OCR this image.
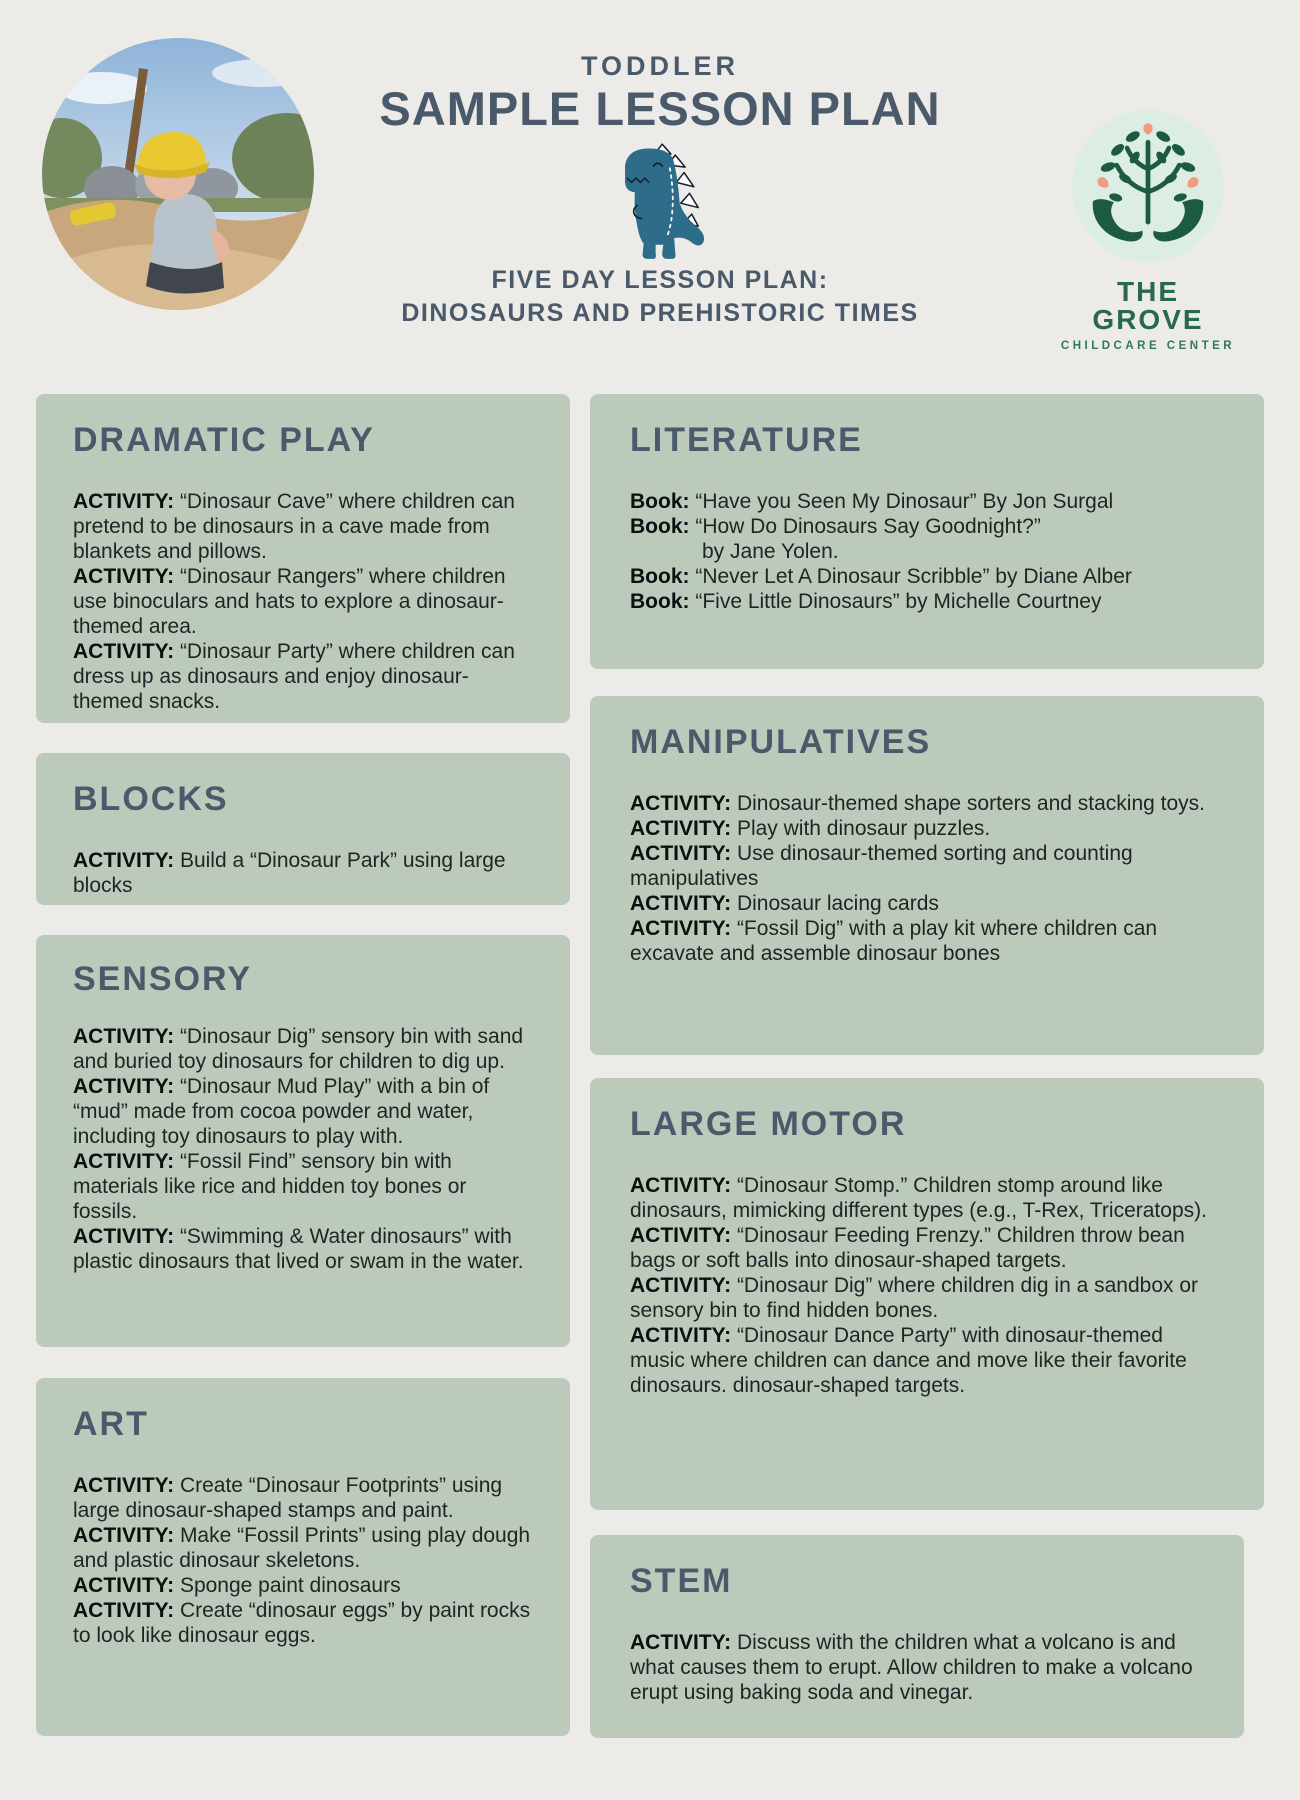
TODDLER
SAMPLE LESSON PLAN
FIVE DAY LESSON PLAN:
DINOSAURS AND PREHISTORIC TIMES
THE GROVE
CHILDCARE CENTER
DRAMATIC PLAY
ACTIVITY: “Dinosaur Cave” where children can pretend to be dinosaurs in a cave made from blankets and pillows.
ACTIVITY: “Dinosaur Rangers” where children use binoculars and hats to explore a dinosaur-themed area.
ACTIVITY: “Dinosaur Party” where children can dress up as dinosaurs and enjoy dinosaur-themed snacks.
BLOCKS
ACTIVITY: Build a “Dinosaur Park” using large blocks
SENSORY
ACTIVITY: “Dinosaur Dig” sensory bin with sand and buried toy dinosaurs for children to dig up.
ACTIVITY: “Dinosaur Mud Play” with a bin of “mud” made from cocoa powder and water, including toy dinosaurs to play with.
ACTIVITY: “Fossil Find” sensory bin with materials like rice and hidden toy bones or fossils.
ACTIVITY: “Swimming & Water dinosaurs” with plastic dinosaurs that lived or swam in the water.
ART
ACTIVITY: Create “Dinosaur Footprints” using large dinosaur-shaped stamps and paint.
ACTIVITY: Make “Fossil Prints” using play dough and plastic dinosaur skeletons.
ACTIVITY: Sponge paint dinosaurs
ACTIVITY: Create “dinosaur eggs” by paint rocks to look like dinosaur eggs.
LITERATURE
Book: “Have you Seen My Dinosaur” By Jon Surgal
Book: “How Do Dinosaurs Say Goodnight?”
by Jane Yolen.
Book: “Never Let A Dinosaur Scribble” by Diane Alber
Book: “Five Little Dinosaurs” by Michelle Courtney
MANIPULATIVES
ACTIVITY: Dinosaur-themed shape sorters and stacking toys.
ACTIVITY: Play with dinosaur puzzles.
ACTIVITY: Use dinosaur-themed sorting and counting manipulatives
ACTIVITY: Dinosaur lacing cards
ACTIVITY: “Fossil Dig” with a play kit where children can excavate and assemble dinosaur bones
LARGE MOTOR
ACTIVITY: “Dinosaur Stomp.” Children stomp around like dinosaurs, mimicking different types (e.g., T-Rex, Triceratops).
ACTIVITY: “Dinosaur Feeding Frenzy.” Children throw bean bags or soft balls into dinosaur-shaped targets.
ACTIVITY: “Dinosaur Dig” where children dig in a sandbox or sensory bin to find hidden bones.
ACTIVITY: “Dinosaur Dance Party” with dinosaur-themed music where children can dance and move like their favorite dinosaurs. dinosaur-shaped targets.
STEM
ACTIVITY: Discuss with the children what a volcano is and what causes them to erupt. Allow children to make a volcano erupt using baking soda and vinegar.
